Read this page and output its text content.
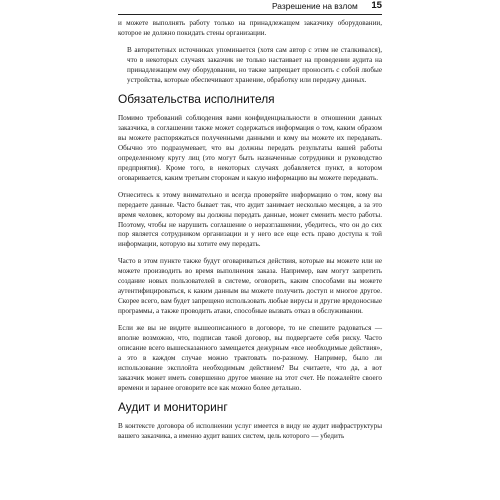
Разрешение на взлом 15

и можете выполнять работу только на принадлежащем заказчику оборудовании, которое не должно покидать стены организации.

В авторитетных источниках упоминается (хотя сам автор с этим не сталкивался), что в некоторых случаях заказчик не только настаивает на проведении аудита на принадлежащем ему оборудовании, но также запрещает проносить с собой любые устройства, которые обеспечивают хранение, обработку или передачу данных.

Обязательства исполнителя

Помимо требований соблюдения вами конфиденциальности в отношении данных заказчика, в соглашении также может содержаться информация о том, каким образом вы можете распоряжаться полученными данными и кому вы можете их передавать. Обычно это подразумевает, что вы должны передать результаты вашей работы определенному кругу лиц (это могут быть назначенные сотрудники и руководство предприятия). Кроме того, в некоторых случаях добавляется пункт, в котором оговаривается, каким третьим сторонам и какую информацию вы можете передавать.

Отнеситесь к этому внимательно и всегда проверяйте информацию о том, кому вы передаете данные. Часто бывает так, что аудит занимает несколько месяцев, а за это время человек, которому вы должны передать данные, может сменить место работы. Поэтому, чтобы не нарушить соглашение о неразглашении, убедитесь, что он до сих пор является сотрудником организации и у него все еще есть право доступа к той информации, которую вы хотите ему передать.

Часто в этом пункте также будут оговариваться действия, которые вы можете или не можете производить во время выполнения заказа. Например, вам могут запретить создание новых пользователей в системе, оговорить, каким способами вы можете аутентифицироваться, к каким данным вы можете получить доступ и многое другое. Скорее всего, вам будет запрещено использовать любые вирусы и другие вредоносные программы, а также проводить атаки, способные вызвать отказ в обслуживании.

Если же вы не видите вышеописанного в договоре, то не спешите радоваться — вполне возможно, что, подписав такой договор, вы подвергаете себя риску. Часто описание всего вышесказанного замещается дежурным «все необходимые действия», а это в каждом случае можно трактовать по-разному. Например, было ли использование эксплойта необходимым действием? Вы считаете, что да, а вот заказчик может иметь совершенно другое мнение на этот счет. Не пожалейте своего времени и заранее оговорите все как можно более детально.

Аудит и мониторинг

В контексте договора об исполнении услуг имеется в виду не аудит инфраструктуры вашего заказчика, а именно аудит ваших систем, цель которого — убедить
